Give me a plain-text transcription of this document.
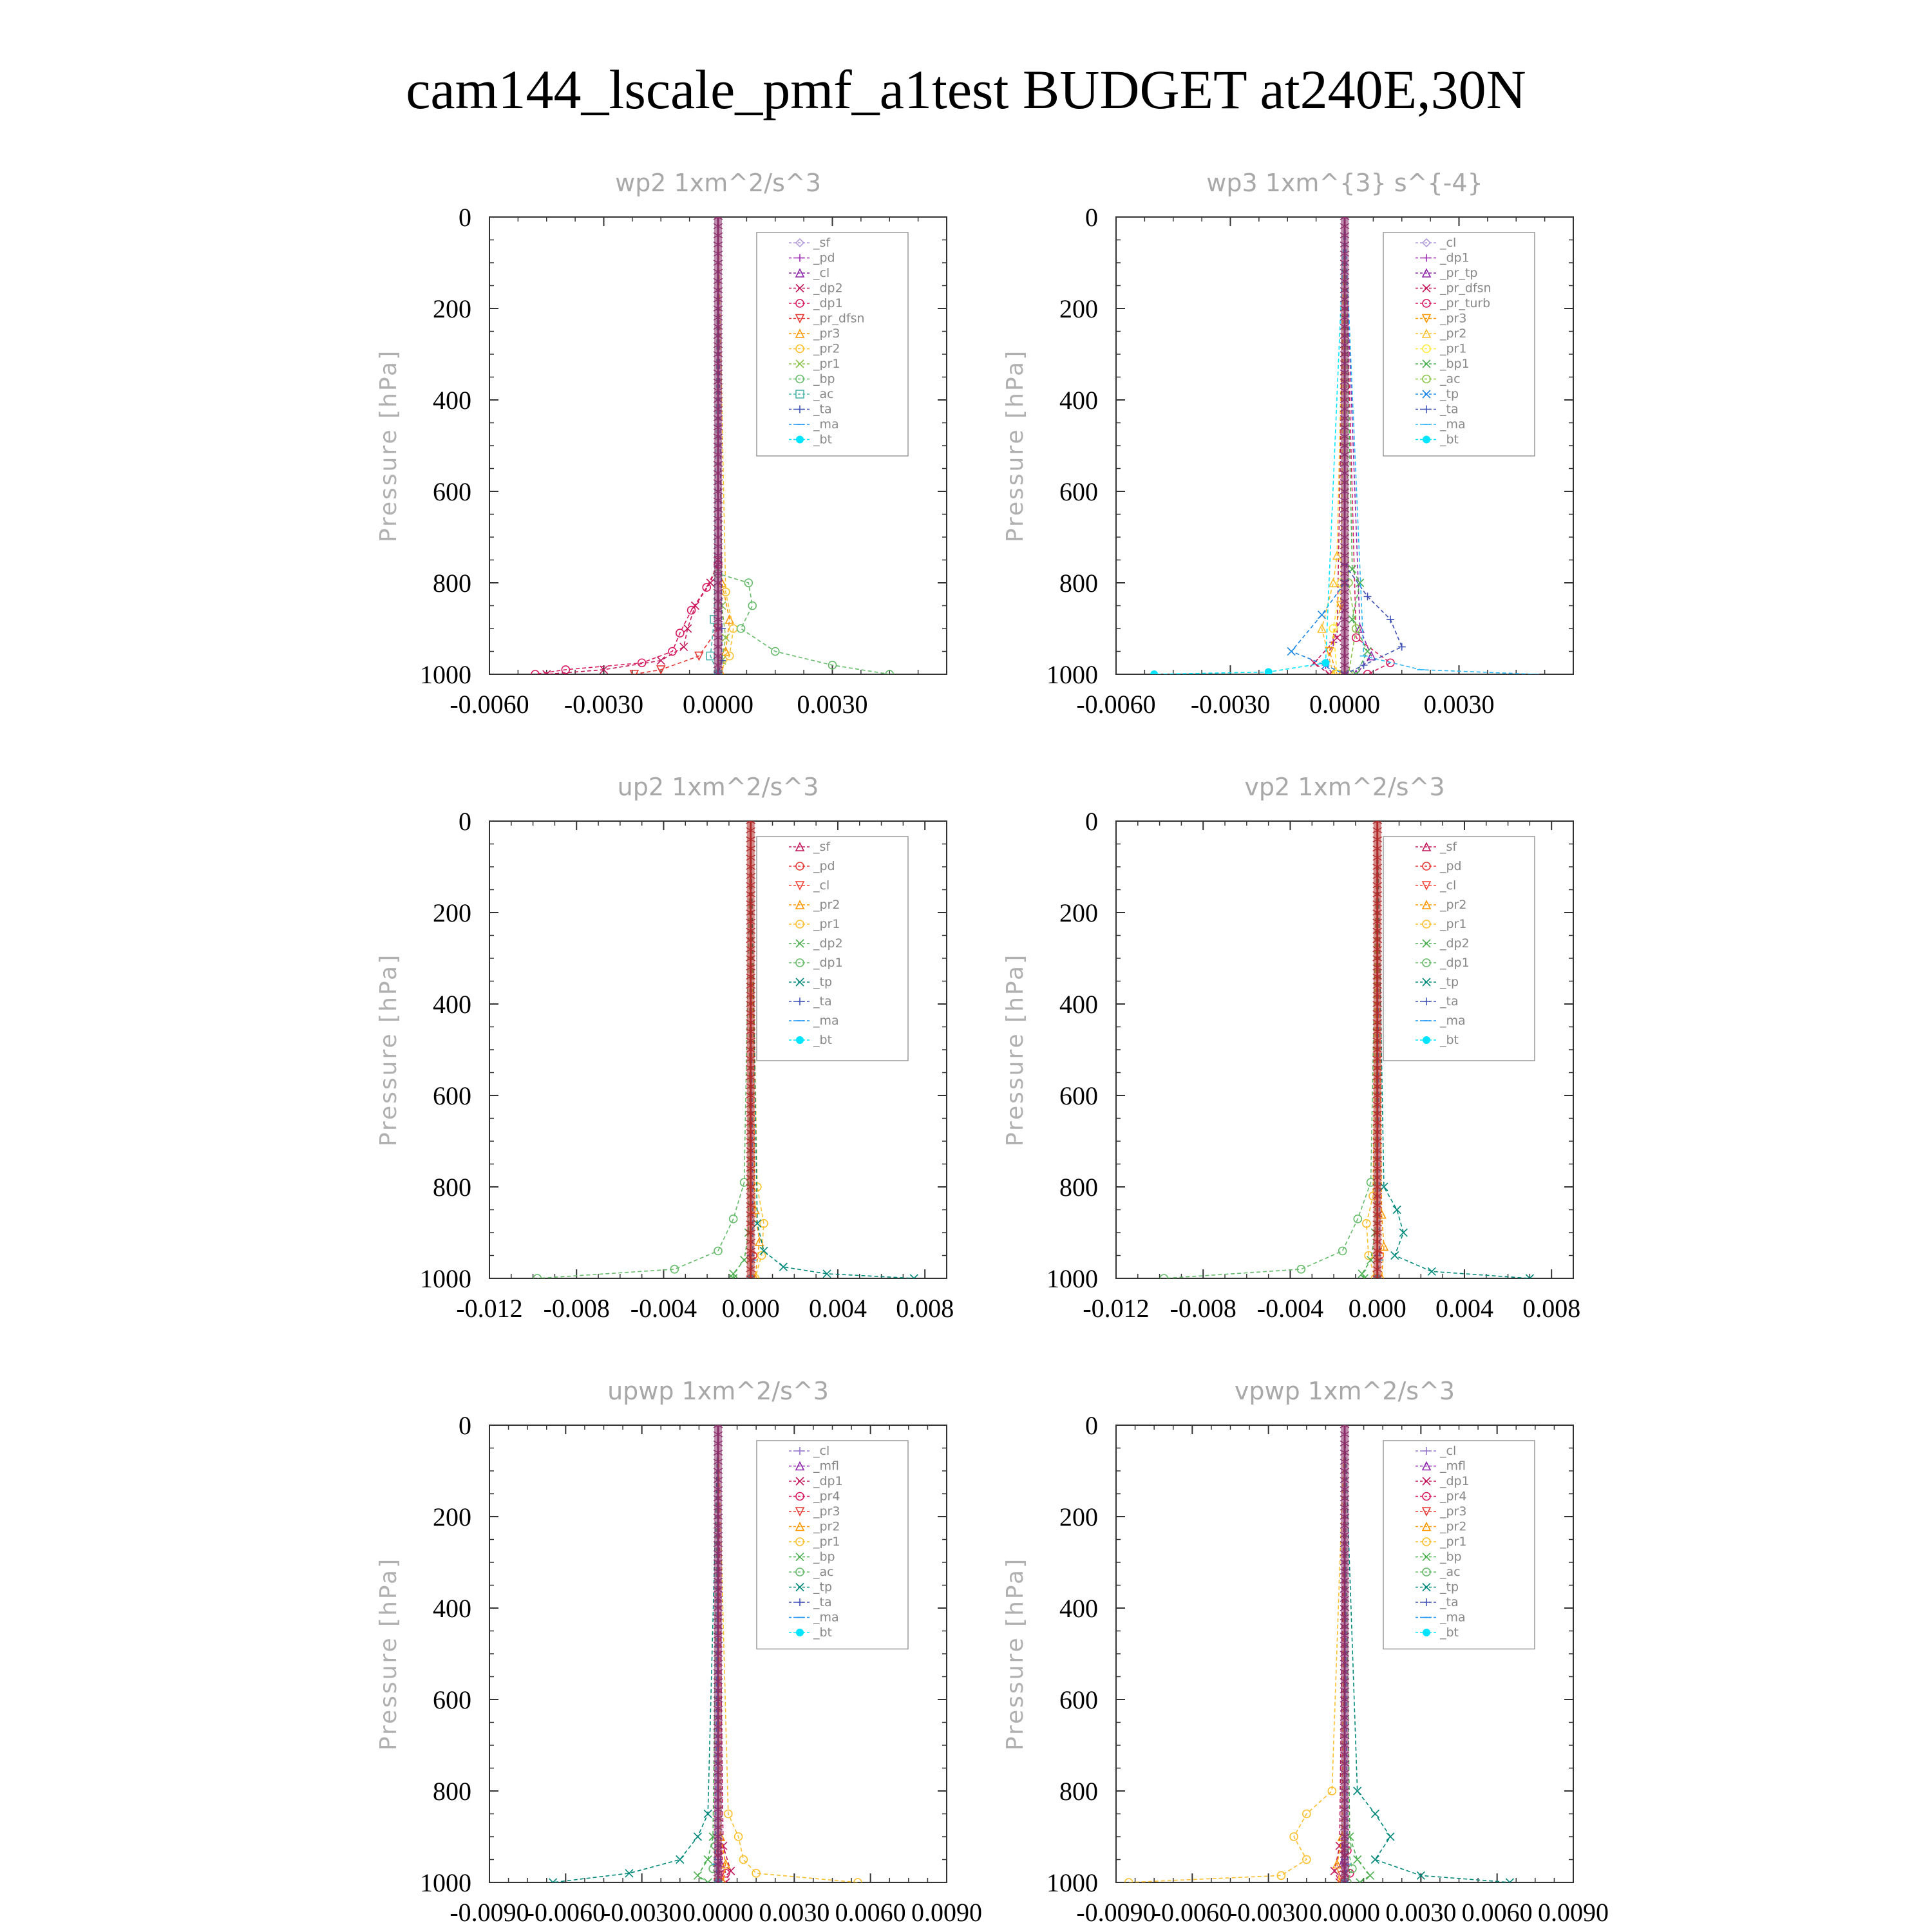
cam144_lscale_pmf_a1test BUDGET at240E,30N
wp2 1xm^2/s^3
Pressure [hPa]
0
200
400
600
800
1000
-0.0060 -0.0030 0.0000 0.0030
_sf
_pd
_cl
_dp2
_dp1
_pr_dfsn
_pr3
_pr2
_pr1
_bp
_ac
_ta
_ma
_bt
wp3 1xm^{3} s^{-4}
Pressure [hPa]
0
200
400
600
800
1000
-0.0060 -0.0030 0.0000 0.0030
_cl
_dp1
_pr_tp
_pr_dfsn
_pr_turb
_pr3
_pr2
_pr1
_bp1
_ac
_tp
_ta
_ma
_bt
up2 1xm^2/s^3
Pressure [hPa]
0
200
400
600
800
1000
-0.012 -0.008 -0.004 0.000 0.004 0.008
_sf
_pd
_cl
_pr2
_pr1
_dp2
_dp1
_tp
_ta
_ma
_bt
vp2 1xm^2/s^3
Pressure [hPa]
0
200
400
600
800
1000
-0.012 -0.008 -0.004 0.000 0.004 0.008
_sf
_pd
_cl
_pr2
_pr1
_dp2
_dp1
_tp
_ta
_ma
_bt
upwp 1xm^2/s^3
Pressure [hPa]
0
200
400
600
800
1000
-0.0090
-0.0060
-0.0030 0.0000 0.0030 0.0060 0.0090
_cl
_mfl
_dp1
_pr4
_pr3
_pr2
_pr1
_bp
_ac
_tp
_ta
_ma
_bt
vpwp 1xm^2/s^3
Pressure [hPa]
0
200
400
600
800
1000
-0.0090
-0.0060
-0.0030 0.0000 0.0030 0.0060 0.0090
_cl
_mfl
_dp1
_pr4
_pr3
_pr2
_pr1
_bp
_ac
_tp
_ta
_ma
_bt
